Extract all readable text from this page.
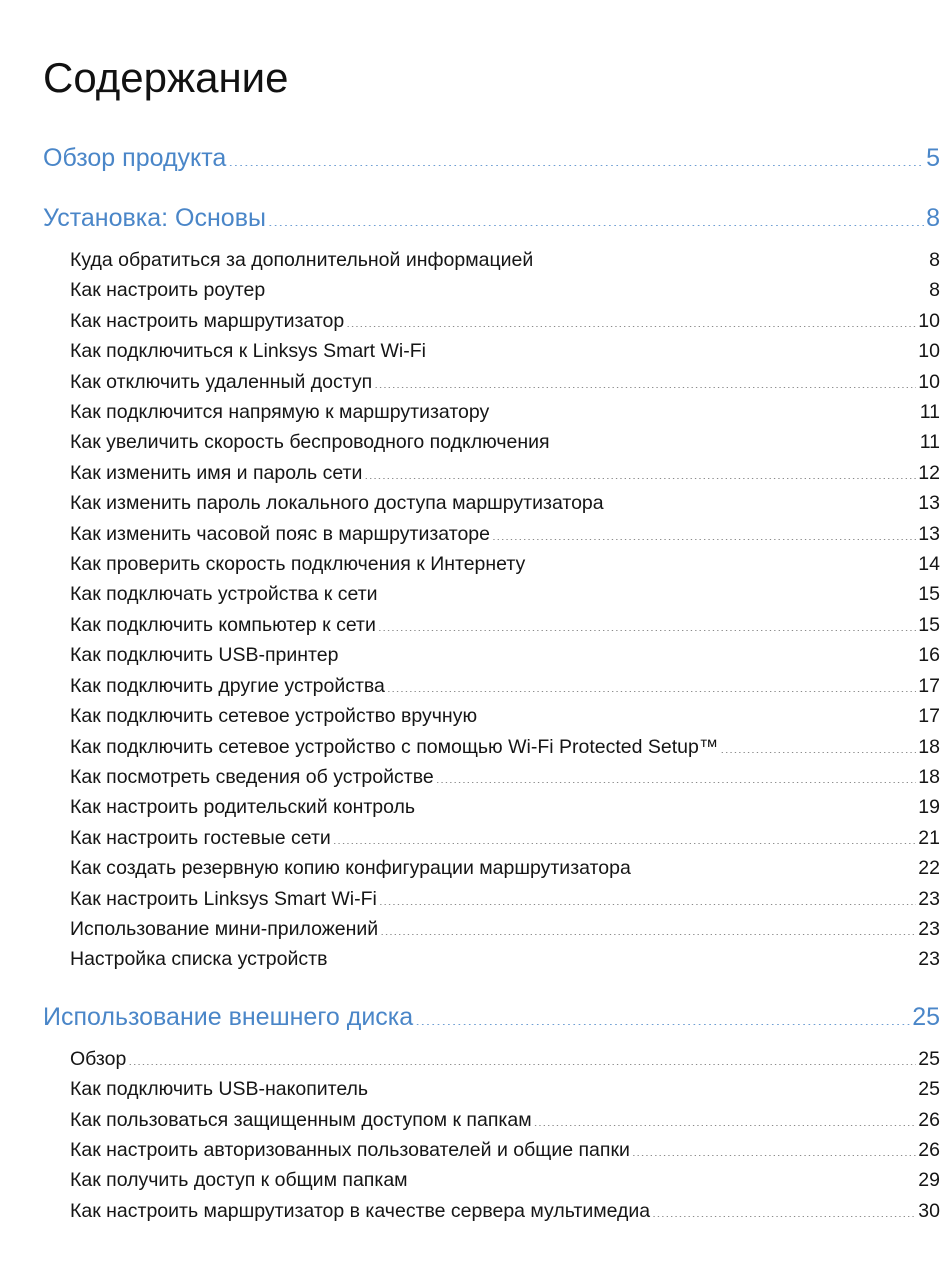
Содержание
Обзор продукта .....	5
Установка: Основы .....	8
Куда обратиться за дополнительной информацией .....	8
Как настроить роутер .....	8
Как настроить маршрутизатор .....	10
Как подключиться к Linksys Smart Wi-Fi .....	10
Как отключить удаленный доступ .....	10
Как подключится напрямую к маршрутизатору .....	11
Как увеличить скорость беспроводного подключения .....	11
Как изменить имя и пароль сети .....	12
Как изменить пароль локального доступа маршрутизатора .....	13
Как изменить часовой пояс в маршрутизаторе .....	13
Как проверить скорость подключения к Интернету .....	14
Как подключать устройства к сети .....	15
Как подключить компьютер к сети .....	15
Как подключить USB-принтер .....	16
Как подключить другие устройства .....	17
Как подключить сетевое устройство вручную .....	17
Как подключить сетевое устройство с помощью Wi-Fi Protected Setup™ .....	18
Как посмотреть сведения об устройстве .....	18
Как настроить родительский контроль .....	19
Как настроить гостевые сети .....	21
Как создать резервную копию конфигурации маршрутизатора .....	22
Как настроить Linksys Smart Wi-Fi .....	23
Использование мини-приложений .....	23
Настройка списка устройств .....	23
Использование внешнего диска .....	25
Обзор .....	25
Как подключить USB-накопитель .....	25
Как пользоваться защищенным доступом к папкам .....	26
Как настроить авторизованных пользователей и общие папки .....	26
Как получить доступ к общим папкам .....	29
Как настроить маршрутизатор в качестве сервера мультимедиа .....	30
